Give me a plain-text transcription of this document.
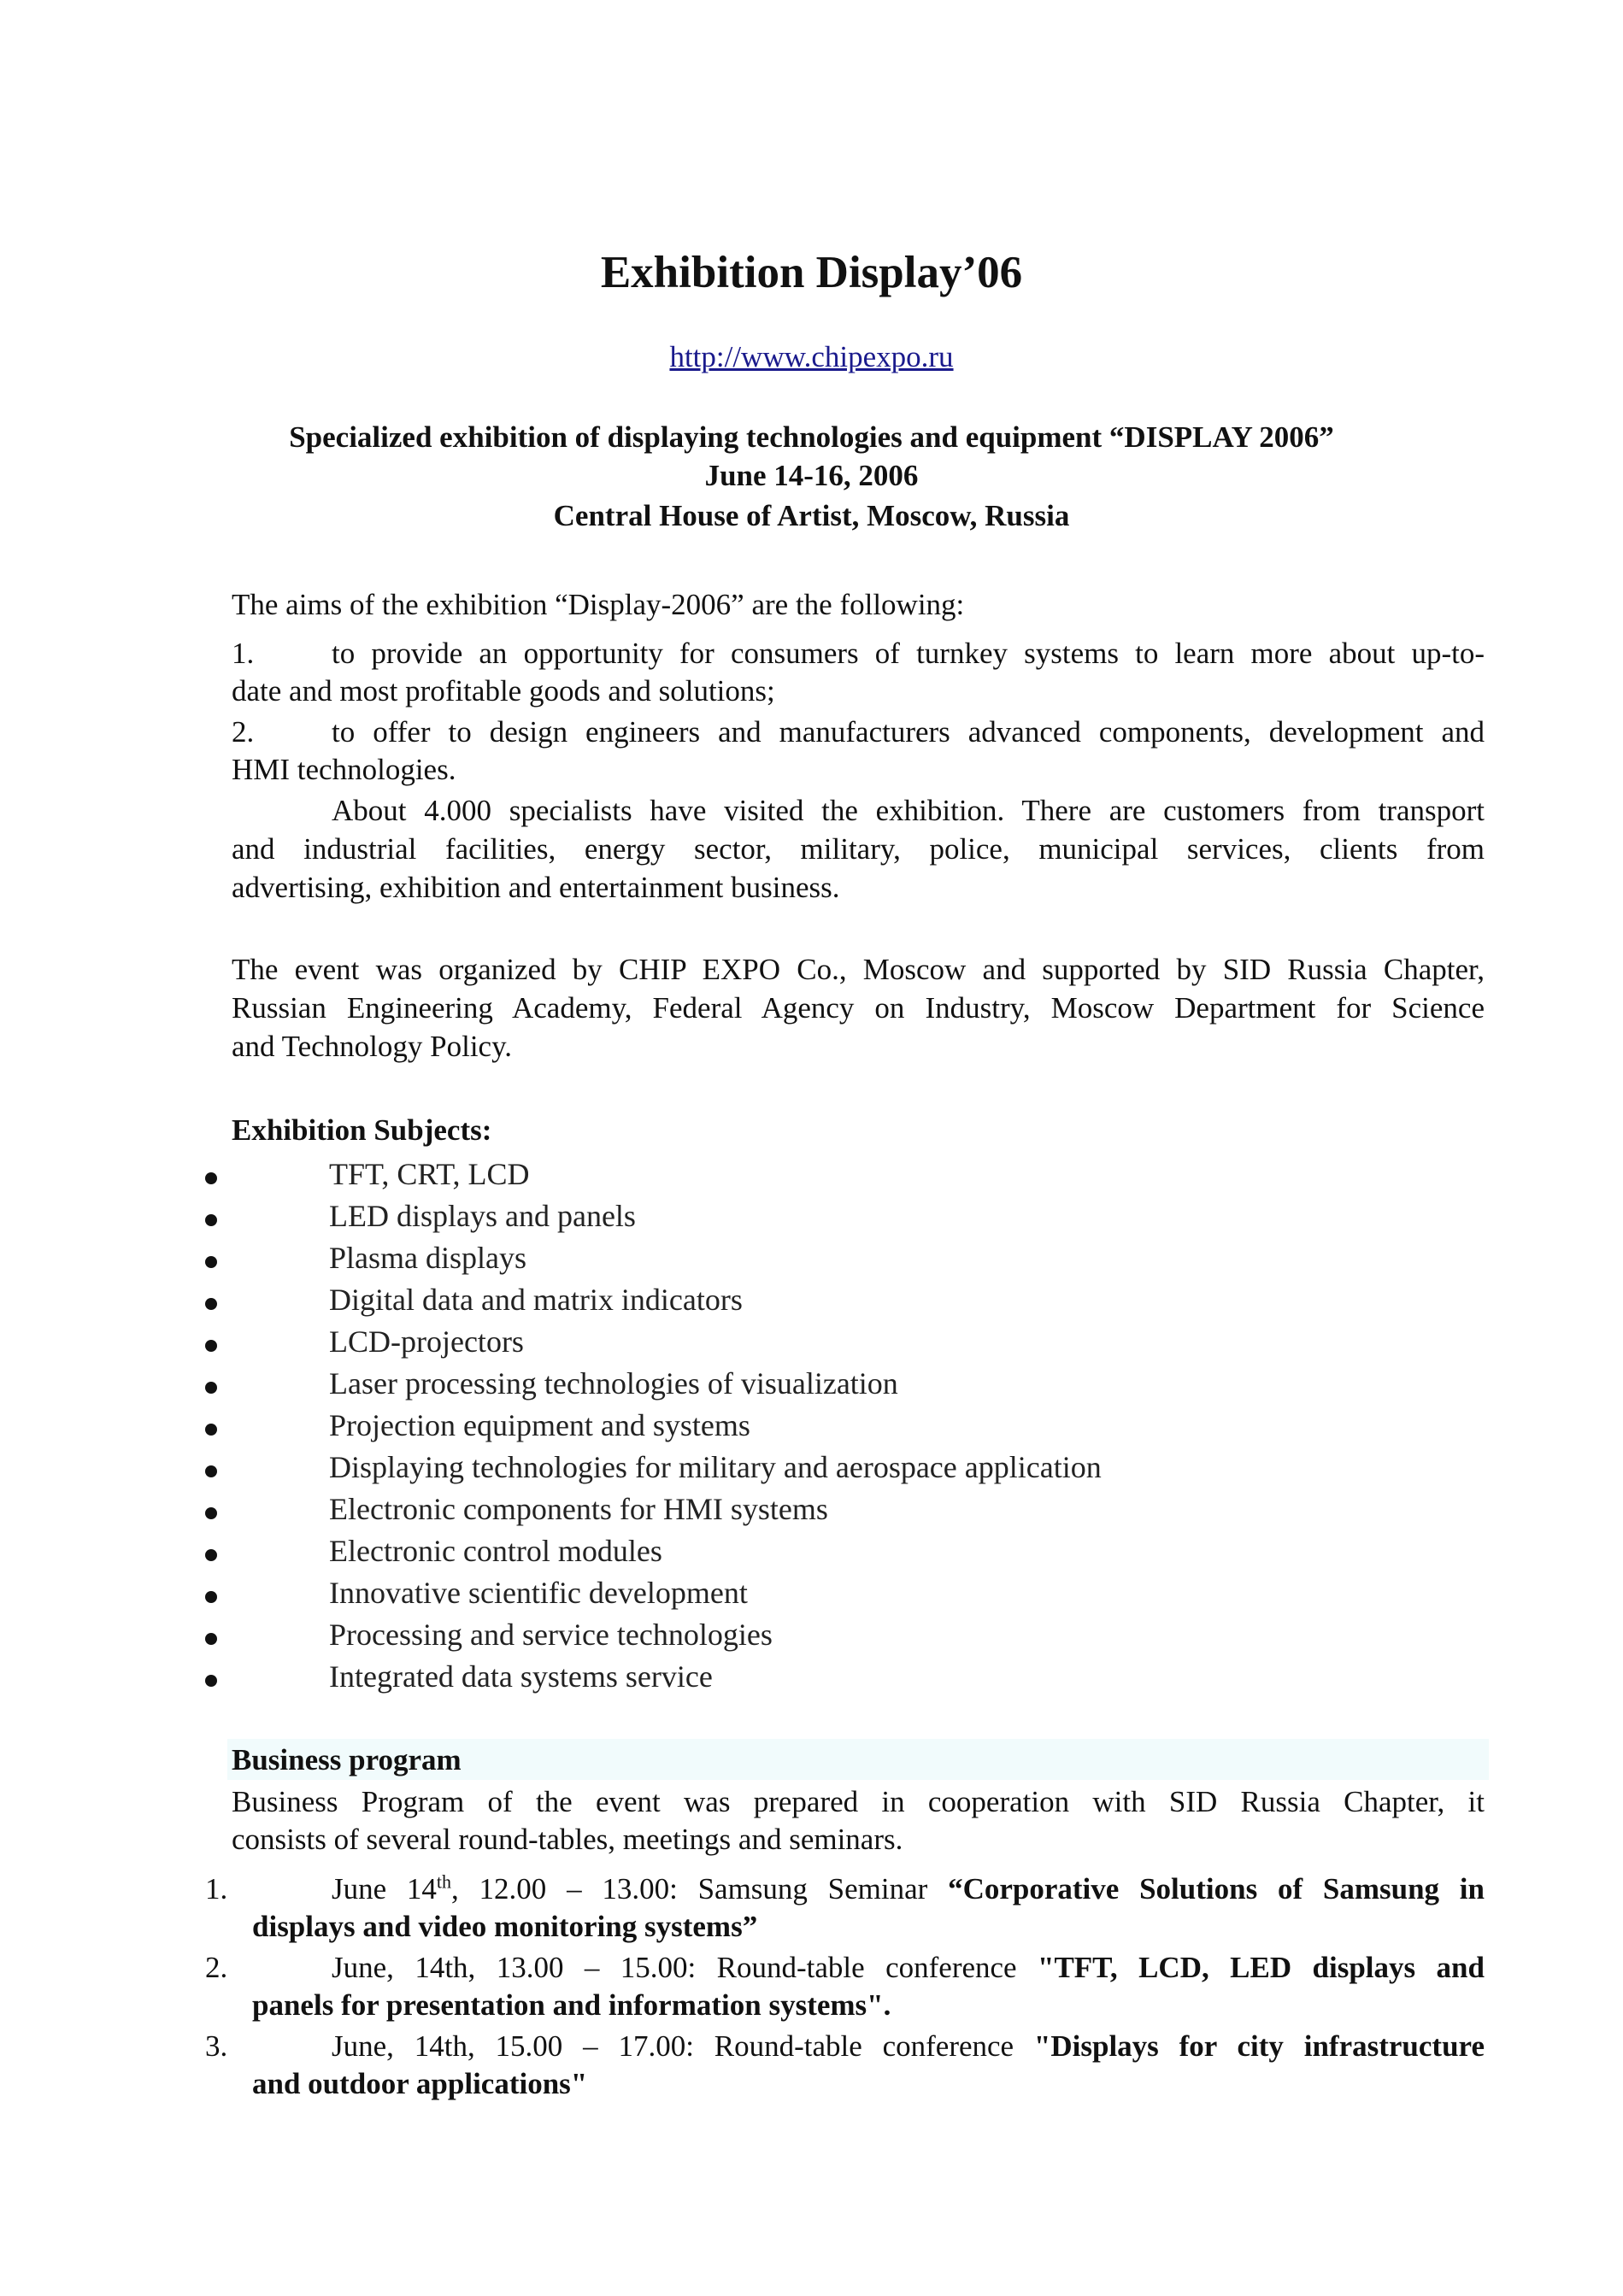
Exhibition Display’06
http://www.chipexpo.ru
Specialized exhibition of displaying technologies and equipment “DISPLAY 2006”
June 14-16, 2006
Central House of Artist, Moscow, Russia
The aims of the exhibition “Display-2006” are the following:
1.	to provide an opportunity for consumers of turnkey systems to learn more about up-to-
date and most profitable goods and solutions;
2.	to offer to design engineers and manufacturers advanced components, development and
HMI technologies.
About 4.000 specialists have visited the exhibition. There are customers from transport
and industrial facilities, energy sector, military, police, municipal services, clients from
advertising, exhibition and entertainment business.
The event was organized by CHIP EXPO Co., Moscow and supported by SID Russia Chapter,
Russian Engineering Academy, Federal Agency on Industry, Moscow Department for Science
and Technology Policy.
Exhibition Subjects:
TFT, CRT, LCD
LED displays and panels
Plasma displays
Digital data and matrix indicators
LCD-projectors
Laser processing technologies of visualization
Projection equipment and systems
Displaying technologies for military and aerospace application
Electronic components for HMI systems
Electronic control modules
Innovative scientific development
Processing and service technologies
Integrated data systems service
Business program
Business Program of the event was prepared in cooperation with SID Russia Chapter, it
consists of several round-tables, meetings and seminars.
1.	June 14th, 12.00 – 13.00: Samsung Seminar “Corporative Solutions of Samsung in
displays and video monitoring systems”
2.	June, 14th, 13.00 – 15.00: Round-table conference "TFT, LCD, LED displays and
panels for presentation and information systems".
3.	June, 14th, 15.00 – 17.00: Round-table conference "Displays for city infrastructure
and outdoor applications"
